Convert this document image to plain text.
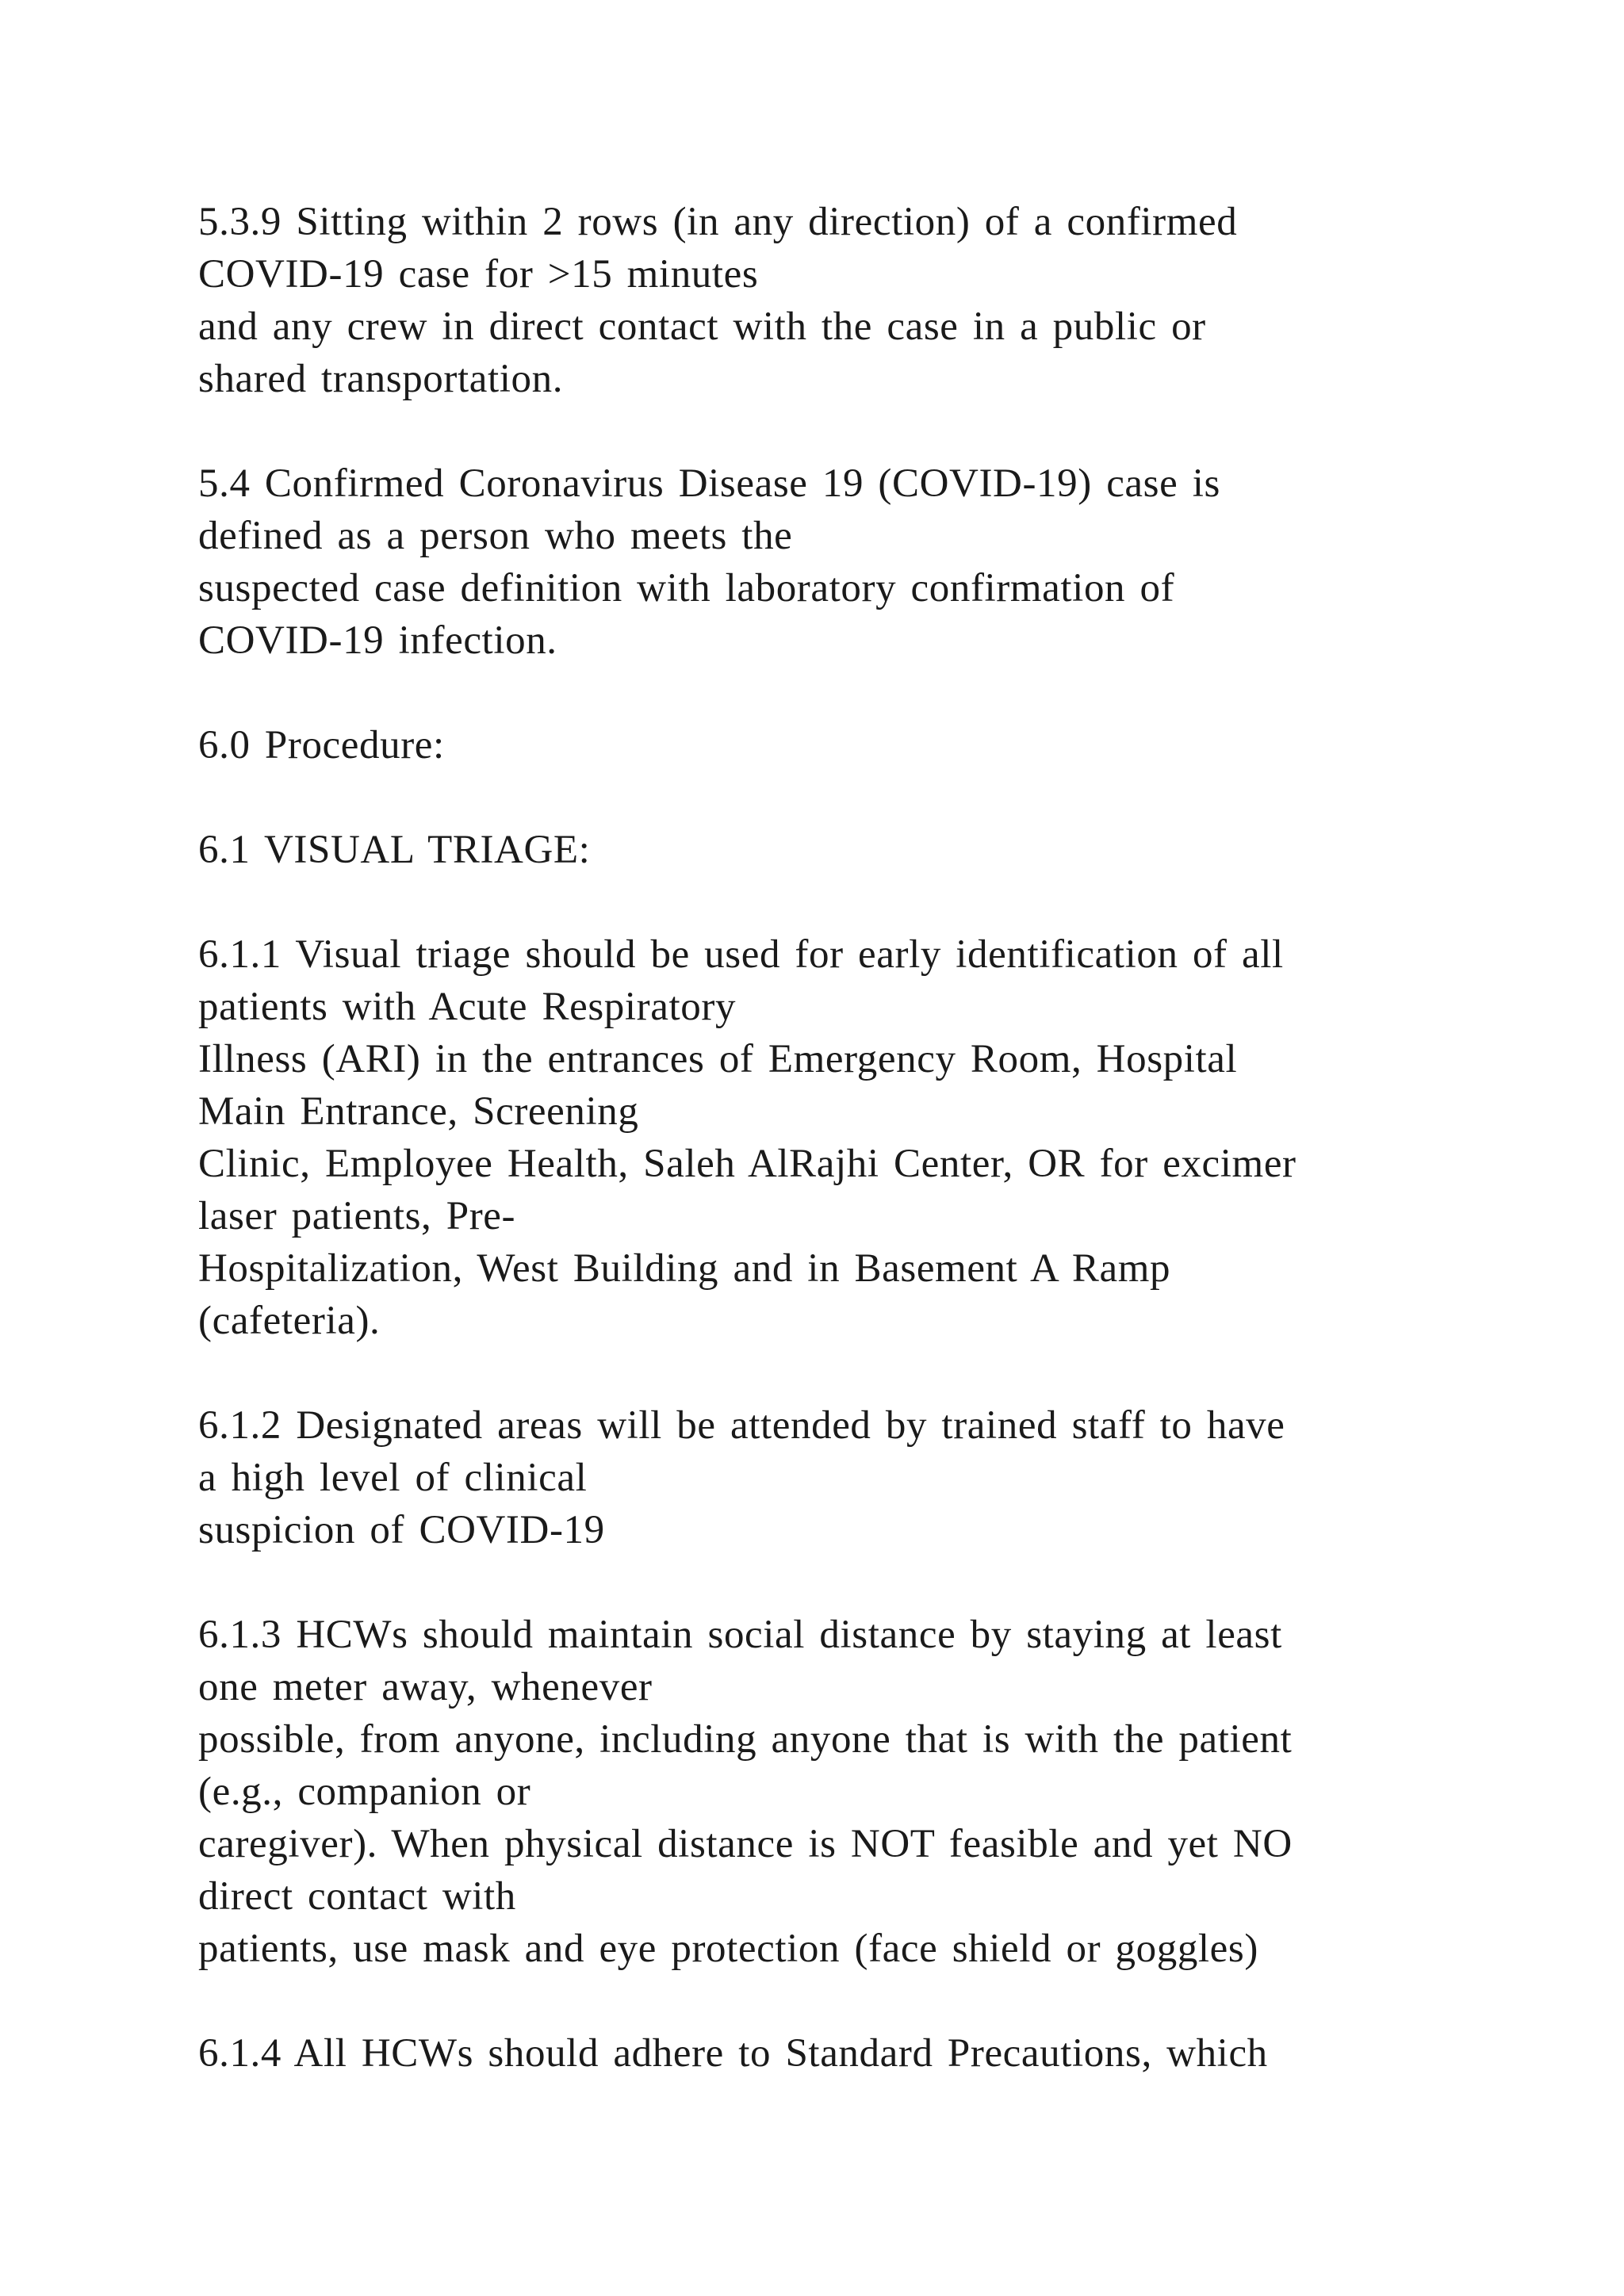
5.3.9 Sitting within 2 rows (in any direction) of a confirmed
COVID-19 case for >15 minutes
and any crew in direct contact with the case in a public or
shared transportation.

5.4 Confirmed Coronavirus Disease 19 (COVID-19) case is
defined as a person who meets the
suspected case definition with laboratory confirmation of
COVID-19 infection.

6.0 Procedure:

6.1 VISUAL TRIAGE:

6.1.1 Visual triage should be used for early identification of all
patients with Acute Respiratory
Illness (ARI) in the entrances of Emergency Room, Hospital
Main Entrance, Screening
Clinic, Employee Health, Saleh AlRajhi Center, OR for excimer
laser patients, Pre-
Hospitalization, West Building and in Basement A Ramp
(cafeteria).

6.1.2 Designated areas will be attended by trained staff to have
a high level of clinical
suspicion of COVID-19

6.1.3 HCWs should maintain social distance by staying at least
one meter away, whenever
possible, from anyone, including anyone that is with the patient
(e.g., companion or
caregiver). When physical distance is NOT feasible and yet NO
direct contact with
patients, use mask and eye protection (face shield or goggles)

6.1.4 All HCWs should adhere to Standard Precautions, which
